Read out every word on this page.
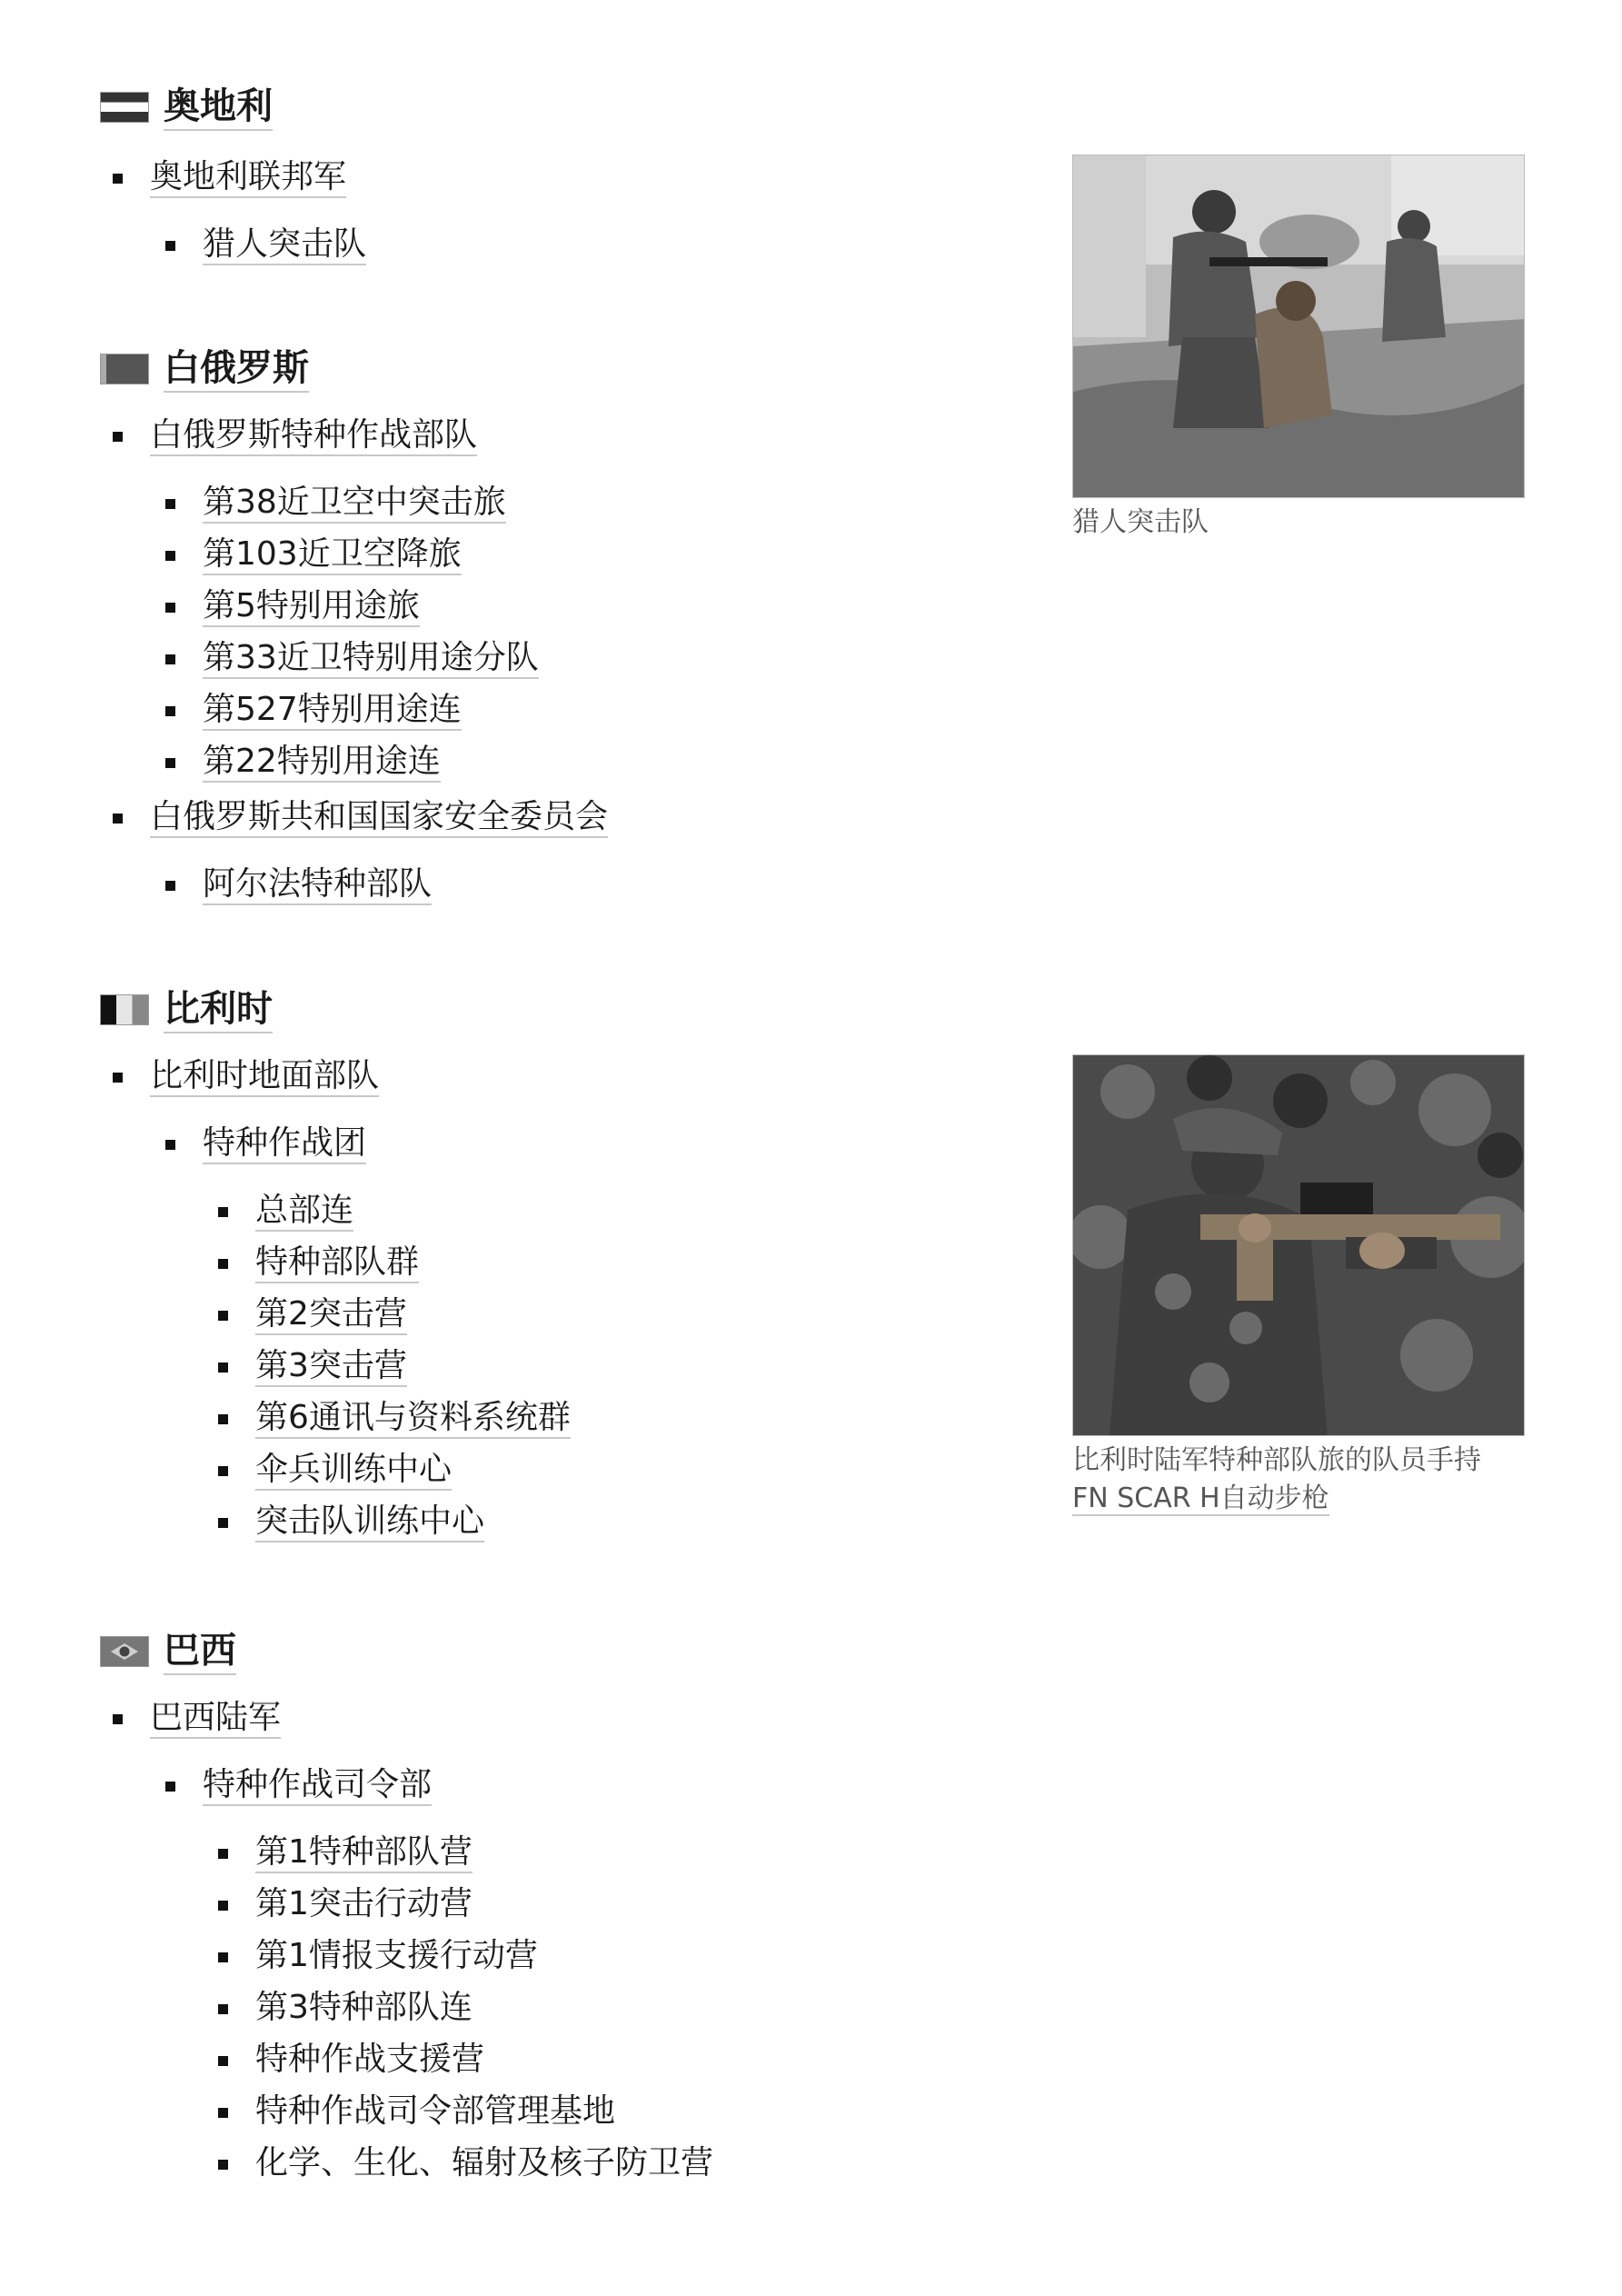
奥地利
奥地利联邦军
猎人突击队
白俄罗斯
白俄罗斯特种作战部队
第38近卫空中突击旅
第103近卫空降旅
第5特别用途旅
第33近卫特别用途分队
第527特别用途连
第22特别用途连
白俄罗斯共和国国家安全委员会
阿尔法特种部队
比利时
比利时地面部队
特种作战团
总部连
特种部队群
第2突击营
第3突击营
第6通讯与资料系统群
伞兵训练中心
突击队训练中心
巴西
巴西陆军
特种作战司令部
第1特种部队营
第1突击行动营
第1情报支援行动营
第3特种部队连
特种作战支援营
特种作战司令部管理基地
化学、生化、辐射及核子防卫营
猎人突击队
比利时陆军特种部队旅的队员手持
FN SCAR H自动步枪
